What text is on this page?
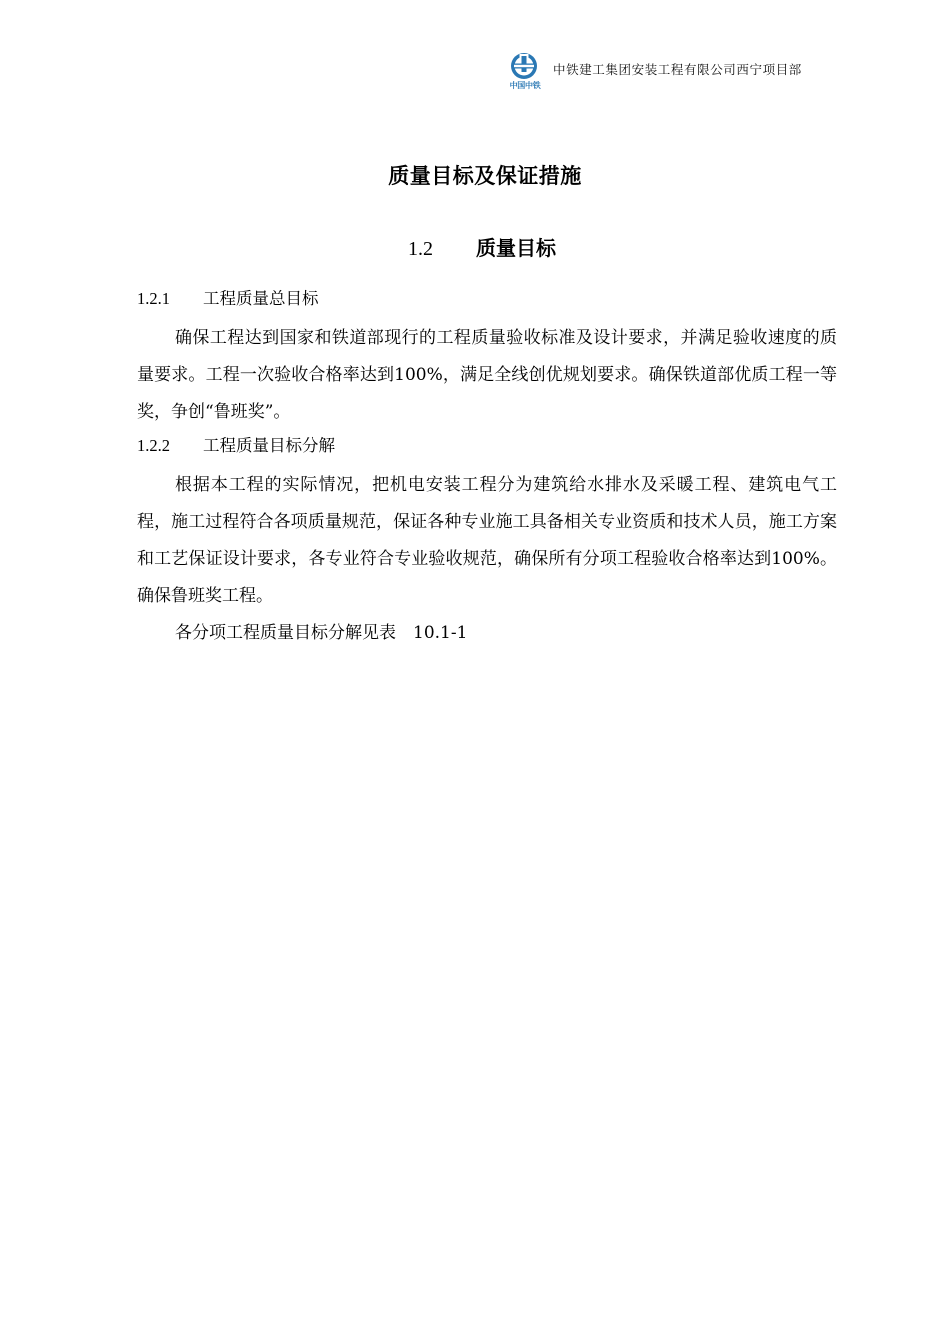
中国中铁
中铁建工集团安装工程有限公司西宁项目部
质量目标及保证措施
1.2	质量目标
1.2.1	工程质量总目标

确保工程达到国家和铁道部现行的工程质量验收标准及设计要求，并满足验收速度的质量要求。工程一次验收合格率达到100%，满足全线创优规划要求。确保铁道部优质工程一等奖，争创“鲁班奖”。

1.2.2	工程质量目标分解

根据本工程的实际情况，把机电安装工程分为建筑给水排水及采暖工程、建筑电气工程，施工过程符合各项质量规范，保证各种专业施工具备相关专业资质和技术人员，施工方案和工艺保证设计要求，各专业符合专业验收规范，确保所有分项工程验收合格率达到100%。确保鲁班奖工程。

各分项工程质量目标分解见表　10.1-1
